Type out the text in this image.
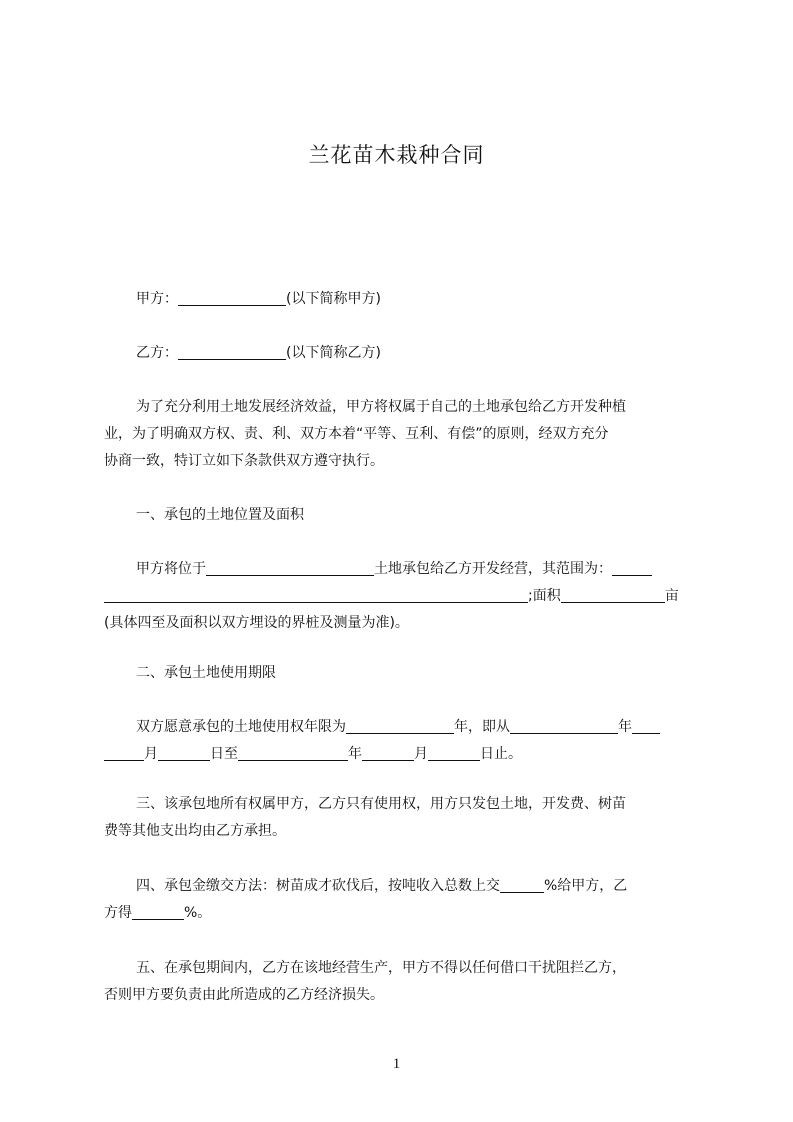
兰花苗木栽种合同
甲方：	(以下简称甲方)
乙方：	(以下简称乙方)
为了充分利用土地发展经济效益，甲方将权属于自己的土地承包给乙方开发种植
业，为了明确双方权、责、利、双方本着“平等、互利、有偿”的原则，经双方充分
协商一致，特订立如下条款供双方遵守执行。
一、承包的土地位置及面积
甲方将位于	土地承包给乙方开发经营，其范围为：
;面积	亩
(具体四至及面积以双方埋设的界桩及测量为准)。
二、承包土地使用期限
双方愿意承包的土地使用权年限为	年，即从	年
月	日至	年	月	日止。
三、该承包地所有权属甲方，乙方只有使用权，用方只发包土地，开发费、树苗
费等其他支出均由乙方承担。
四、承包金缴交方法：树苗成才砍伐后，按吨收入总数上交	%给甲方，乙
方得	%。
五、在承包期间内，乙方在该地经营生产，甲方不得以任何借口干扰阻拦乙方，
否则甲方要负责由此所造成的乙方经济损失。
1
